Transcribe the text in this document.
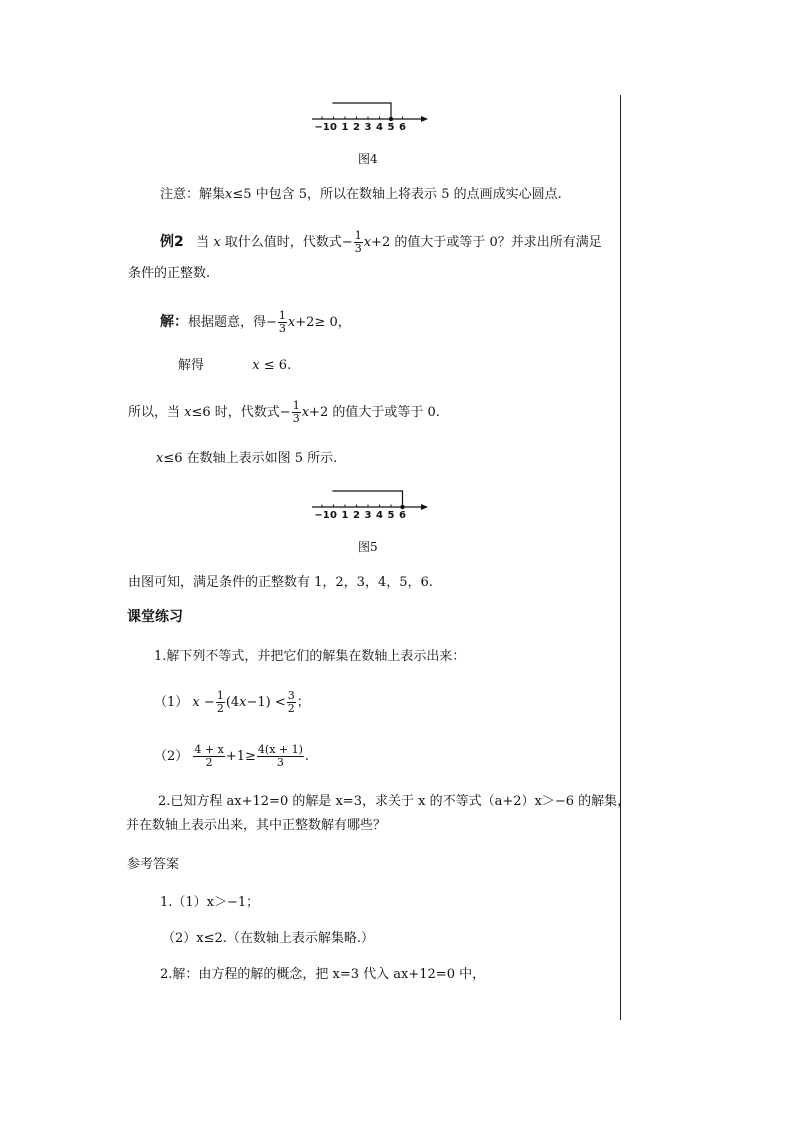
−1 0 1 2 3 4 5 6
图4
注意：解集x≤5 中包含 5，所以在数轴上将表示 5 的点画成实心圆点.
例2 当 x 取什么值时，代数式− $\frac{1}{3} x+2$ 的值大于或等于 0？并求出所有满足
条件的正整数.
解：根据题意，得− $\frac{1}{3} x+2\ge 0$，
解得	x ≤ 6.
所以，当 x≤6 时，代数式− $\frac{1}{3} x+2$ 的值大于或等于 0.
x≤6 在数轴上表示如图 5 所示.
−1 0 1 2 3 4 5 6
图5
由图可知，满足条件的正整数有 1，2，3，4，5，6.
课堂练习
1.解下列不等式，并把它们的解集在数轴上表示出来：
（1） $x - \frac{1}{2} (4x-1) < \frac{3}{2}$ ；
$(2) \frac{4 + x}{2} +1\ge \frac{4(x + 1)}{3}$ .
2.已知方程 ax+12=0 的解是 x=3，求关于 x 的不等式（a+2）x＞−6 的解集，
并在数轴上表示出来，其中正整数解有哪些？
参考答案
1.（1）x＞−1；
（2）x≤2.（在数轴上表示解集略.）
2.解：由方程的解的概念，把 x=3 代入 ax+12=0 中，
